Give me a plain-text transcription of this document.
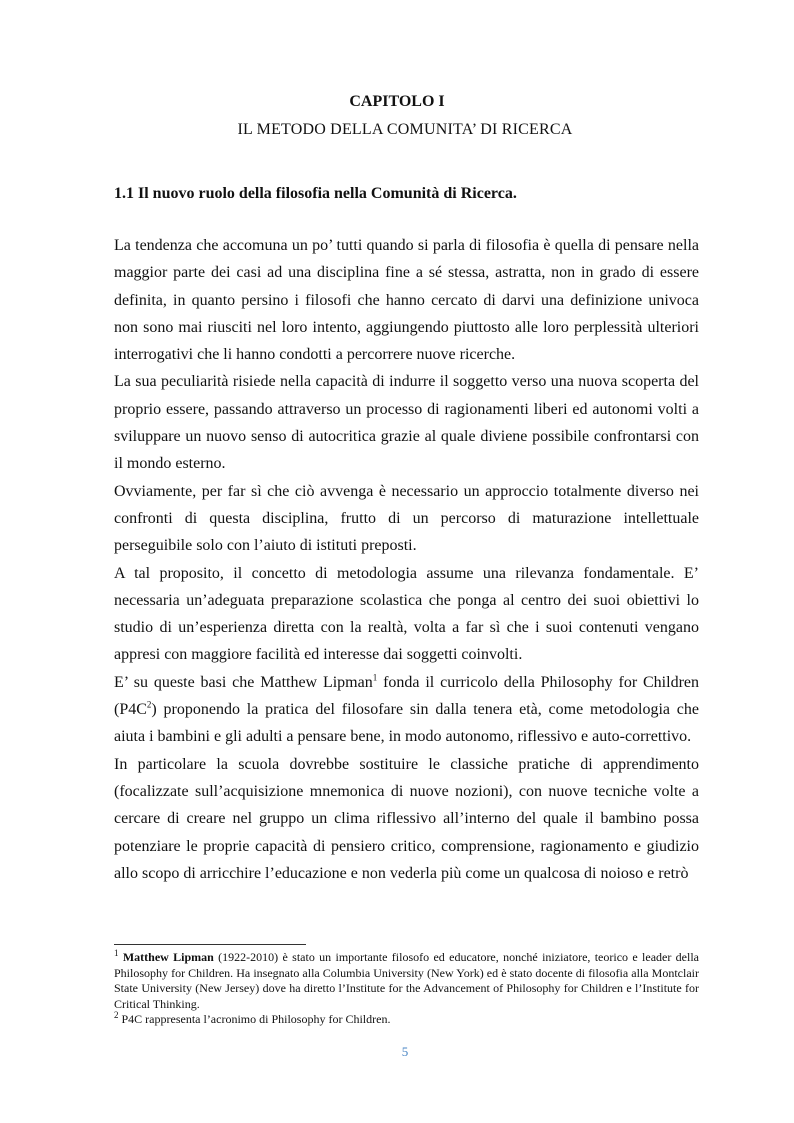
CAPITOLO I
IL METODO DELLA COMUNITA’ DI RICERCA
1.1 Il nuovo ruolo della filosofia nella Comunità di Ricerca.

La tendenza che accomuna un po’ tutti quando si parla di filosofia è quella di pensare nella maggior parte dei casi ad una disciplina fine a sé stessa, astratta, non in grado di essere definita, in quanto persino i filosofi che hanno cercato di darvi una definizione univoca non sono mai riusciti nel loro intento, aggiungendo piuttosto alle loro perplessità ulteriori interrogativi che li hanno condotti a percorrere nuove ricerche.

La sua peculiarità risiede nella capacità di indurre il soggetto verso una nuova scoperta del proprio essere, passando attraverso un processo di ragionamenti liberi ed autonomi volti a sviluppare un nuovo senso di autocritica grazie al quale diviene possibile confrontarsi con il mondo esterno.

Ovviamente, per far sì che ciò avvenga è necessario un approccio totalmente diverso nei confronti di questa disciplina, frutto di un percorso di maturazione intellettuale perseguibile solo con l’aiuto di istituti preposti.

A tal proposito, il concetto di metodologia assume una rilevanza fondamentale. E’ necessaria un’adeguata preparazione scolastica che ponga al centro dei suoi obiettivi lo studio di un’esperienza diretta con la realtà, volta a far sì che i suoi contenuti vengano appresi con maggiore facilità ed interesse dai soggetti coinvolti.

E’ su queste basi che Matthew Lipman$^1$ fonda il curricolo della Philosophy for Children $(P4C^2)$ proponendo la pratica del filosofare sin dalla tenera età, come metodologia che aiuta i bambini e gli adulti a pensare bene, in modo autonomo, riflessivo e auto-correttivo.

In particolare la scuola dovrebbe sostituire le classiche pratiche di apprendimento (focalizzate sull’acquisizione mnemonica di nuove nozioni), con nuove tecniche volte a cercare di creare nel gruppo un clima riflessivo all’interno del quale il bambino possa potenziare le proprie capacità di pensiero critico, comprensione, ragionamento e giudizio allo scopo di arricchire l’educazione e non vederla più come un qualcosa di noioso e retrò

$^1$ Matthew Lipman (1922-2010) è stato un importante filosofo ed educatore, nonché iniziatore, teorico e leader della Philosophy for Children. Ha insegnato alla Columbia University (New York) ed è stato docente di filosofia alla Montclair State University (New Jersey) dove ha diretto l’Institute for the Advancement of Philosophy for Children e l’Institute for Critical Thinking.

$^2$ P4C rappresenta l’acronimo di Philosophy for Children.

5
